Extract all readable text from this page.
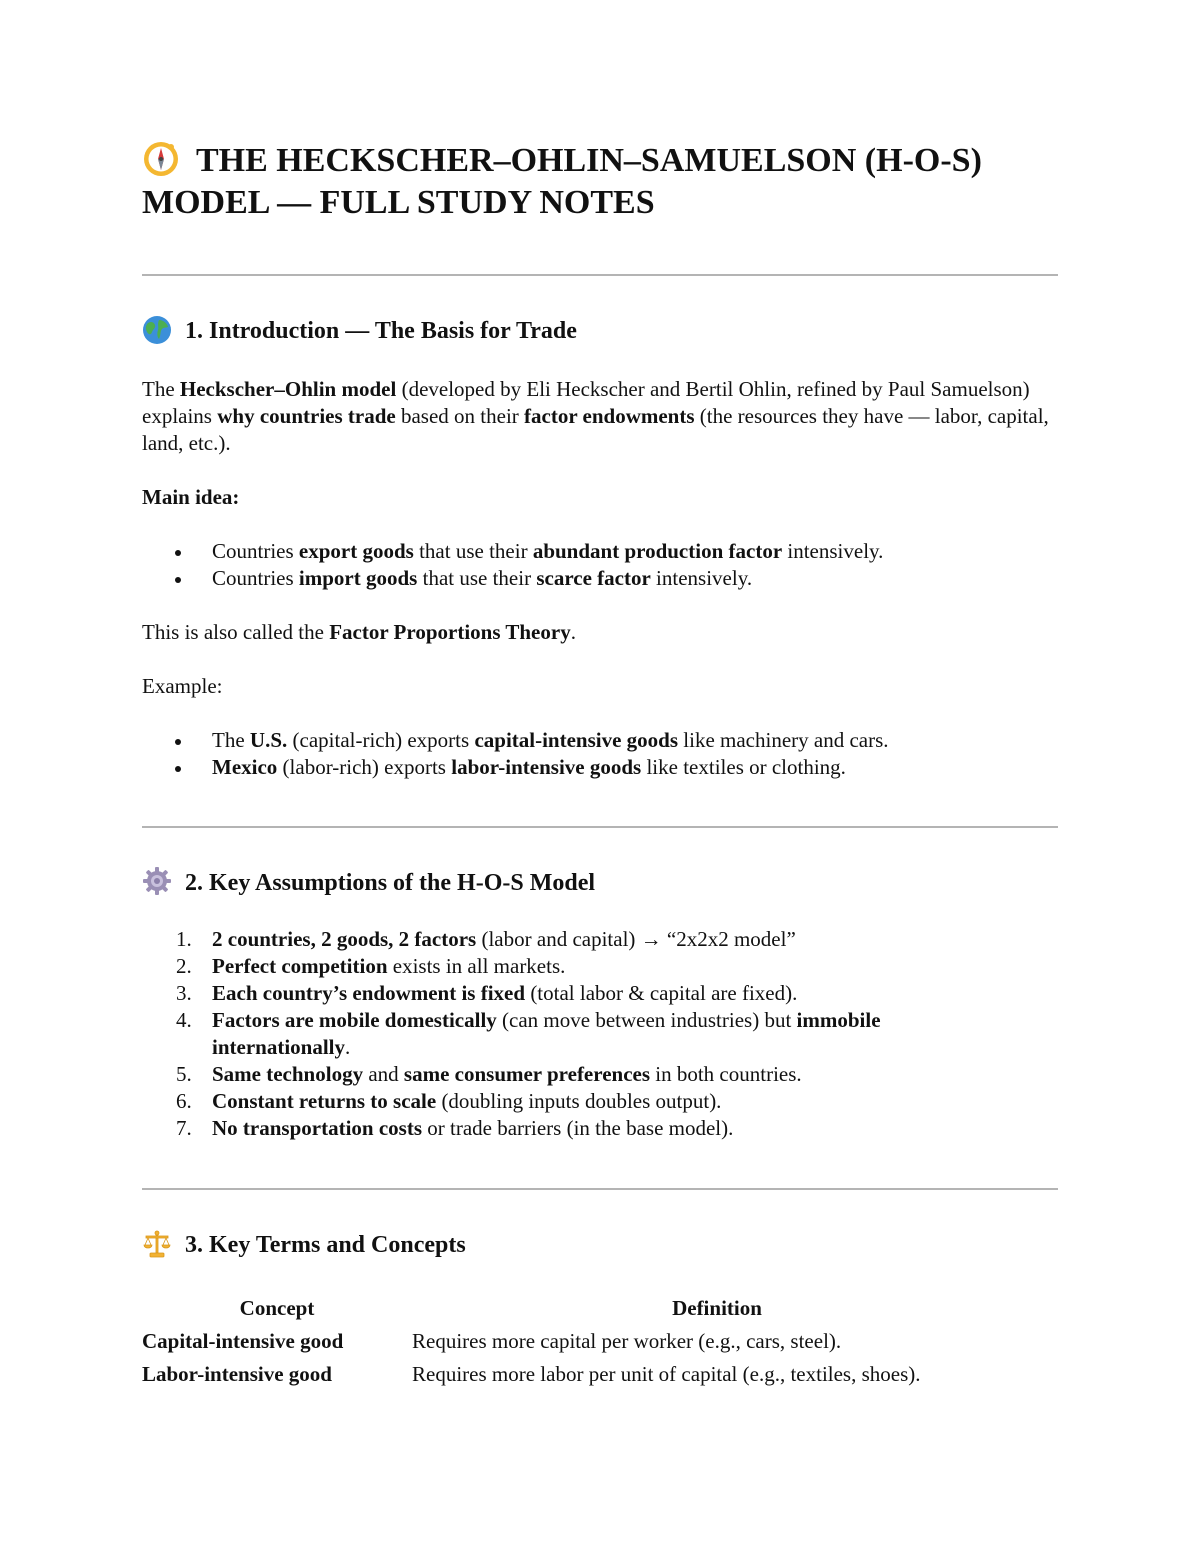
THE HECKSCHER–OHLIN–SAMUELSON (H-O-S)
MODEL — FULL STUDY NOTES
1. Introduction — The Basis for Trade

The Heckscher–Ohlin model (developed by Eli Heckscher and Bertil Ohlin, refined by Paul Samuelson) explains why countries trade based on their factor endowments (the resources they have — labor, capital, land, etc.).

Main idea:

Countries export goods that use their abundant production factor intensively.
Countries import goods that use their scarce factor intensively.

This is also called the Factor Proportions Theory.

Example:

The U.S. (capital-rich) exports capital-intensive goods like machinery and cars.
Mexico (labor-rich) exports labor-intensive goods like textiles or clothing.
2. Key Assumptions of the H-O-S Model
1. 2 countries, 2 goods, 2 factors (labor and capital) → “2x2x2 model”
2. Perfect competition exists in all markets.
3. Each country’s endowment is fixed (total labor & capital are fixed).
4. Factors are mobile domestically (can move between industries) but immobile internationally.
5. Same technology and same consumer preferences in both countries.
6. Constant returns to scale (doubling inputs doubles output).
7. No transportation costs or trade barriers (in the base model).
3. Key Terms and Concepts
Concept	Definition
Capital-intensive good	Requires more capital per worker (e.g., cars, steel).
Labor-intensive good	Requires more labor per unit of capital (e.g., textiles, shoes).
